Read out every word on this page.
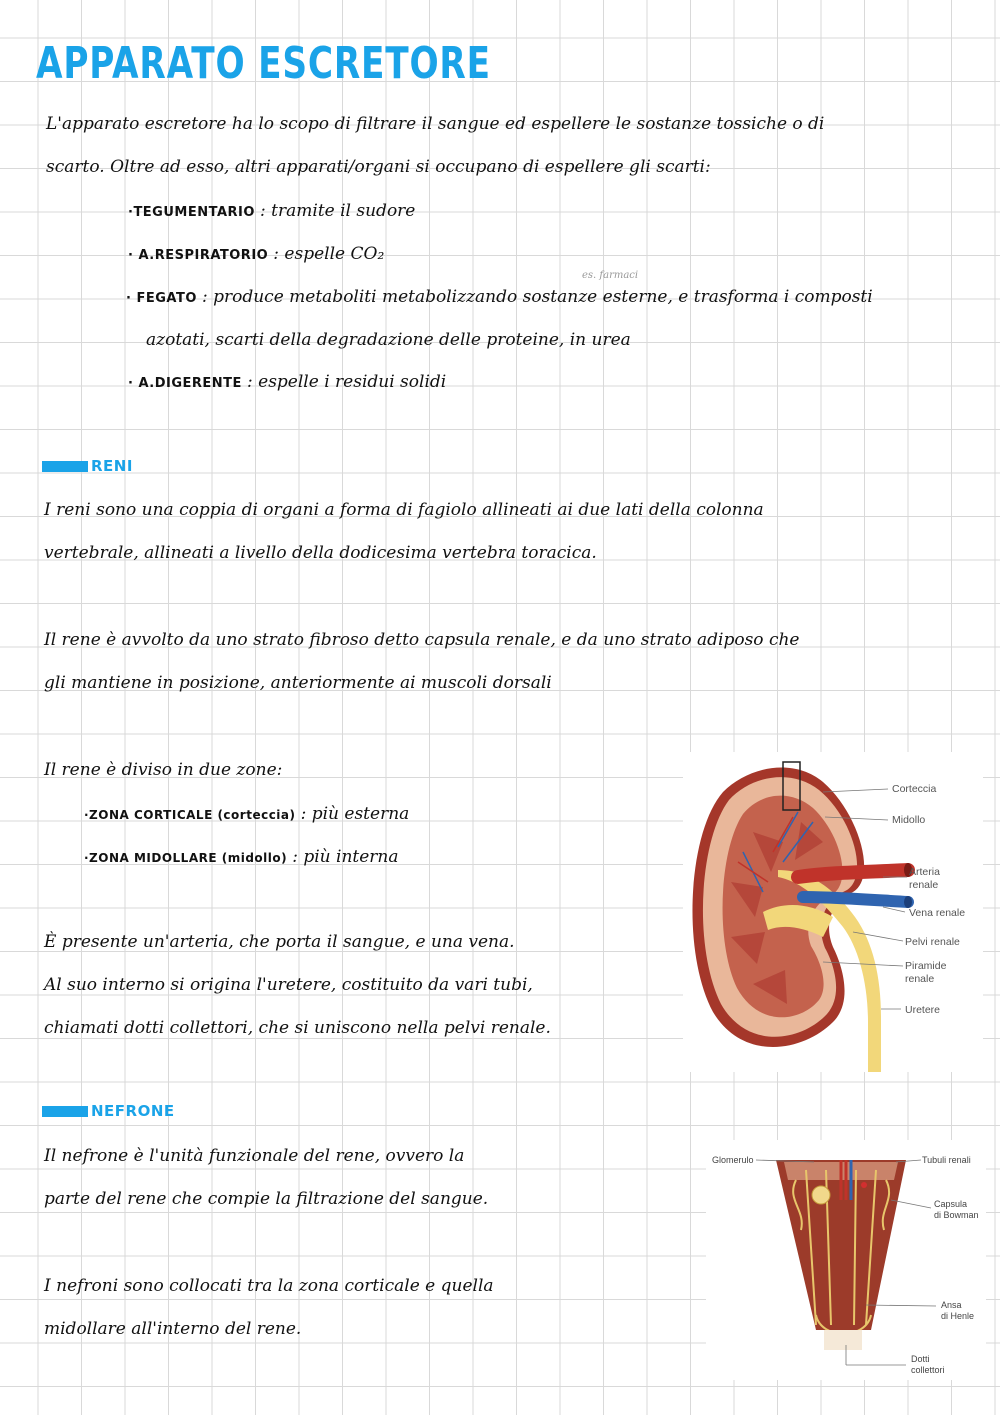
APPARATO ESCRETORE
L'apparato escretore ha lo scopo di filtrare il sangue ed espellere le sostanze tossiche o di
scarto. Oltre ad esso, altri apparati/organi si occupano di espellere gli scarti:
·TEGUMENTARIO : tramite il sudore
· A.RESPIRATORIO : espelle CO₂
es. farmaci
· FEGATO : produce metaboliti metabolizzando sostanze esterne, e trasforma i composti
azotati, scarti della degradazione delle proteine, in urea
· A.DIGERENTE : espelle i residui solidi
RENI
I reni sono una coppia di organi a forma di fagiolo allineati ai due lati della colonna
vertebrale, allineati a livello della dodicesima vertebra toracica.
Il rene è avvolto da uno strato fibroso detto capsula renale, e da uno strato adiposo che
gli mantiene in posizione, anteriormente ai muscoli dorsali
Il rene è diviso in due zone:
·ZONA CORTICALE (corteccia) : più esterna
·ZONA MIDOLLARE (midollo) : più interna
È presente un'arteria, che porta il sangue, e una vena.
Al suo interno si origina l'uretere, costituito da vari tubi,
chiamati dotti collettori, che si uniscono nella pelvi renale.
Corteccia
Midollo
Arteria
renale
Vena renale
Pelvi renale
Piramide
renale
Uretere
NEFRONE
Il nefrone è l'unità funzionale del rene, ovvero la
parte del rene che compie la filtrazione del sangue.
I nefroni sono collocati tra la zona corticale e quella
midollare all'interno del rene.
Glomerulo	Tubuli renali
Capsula
di Bowman
Ansa
di Henle
Dotti
collettori
